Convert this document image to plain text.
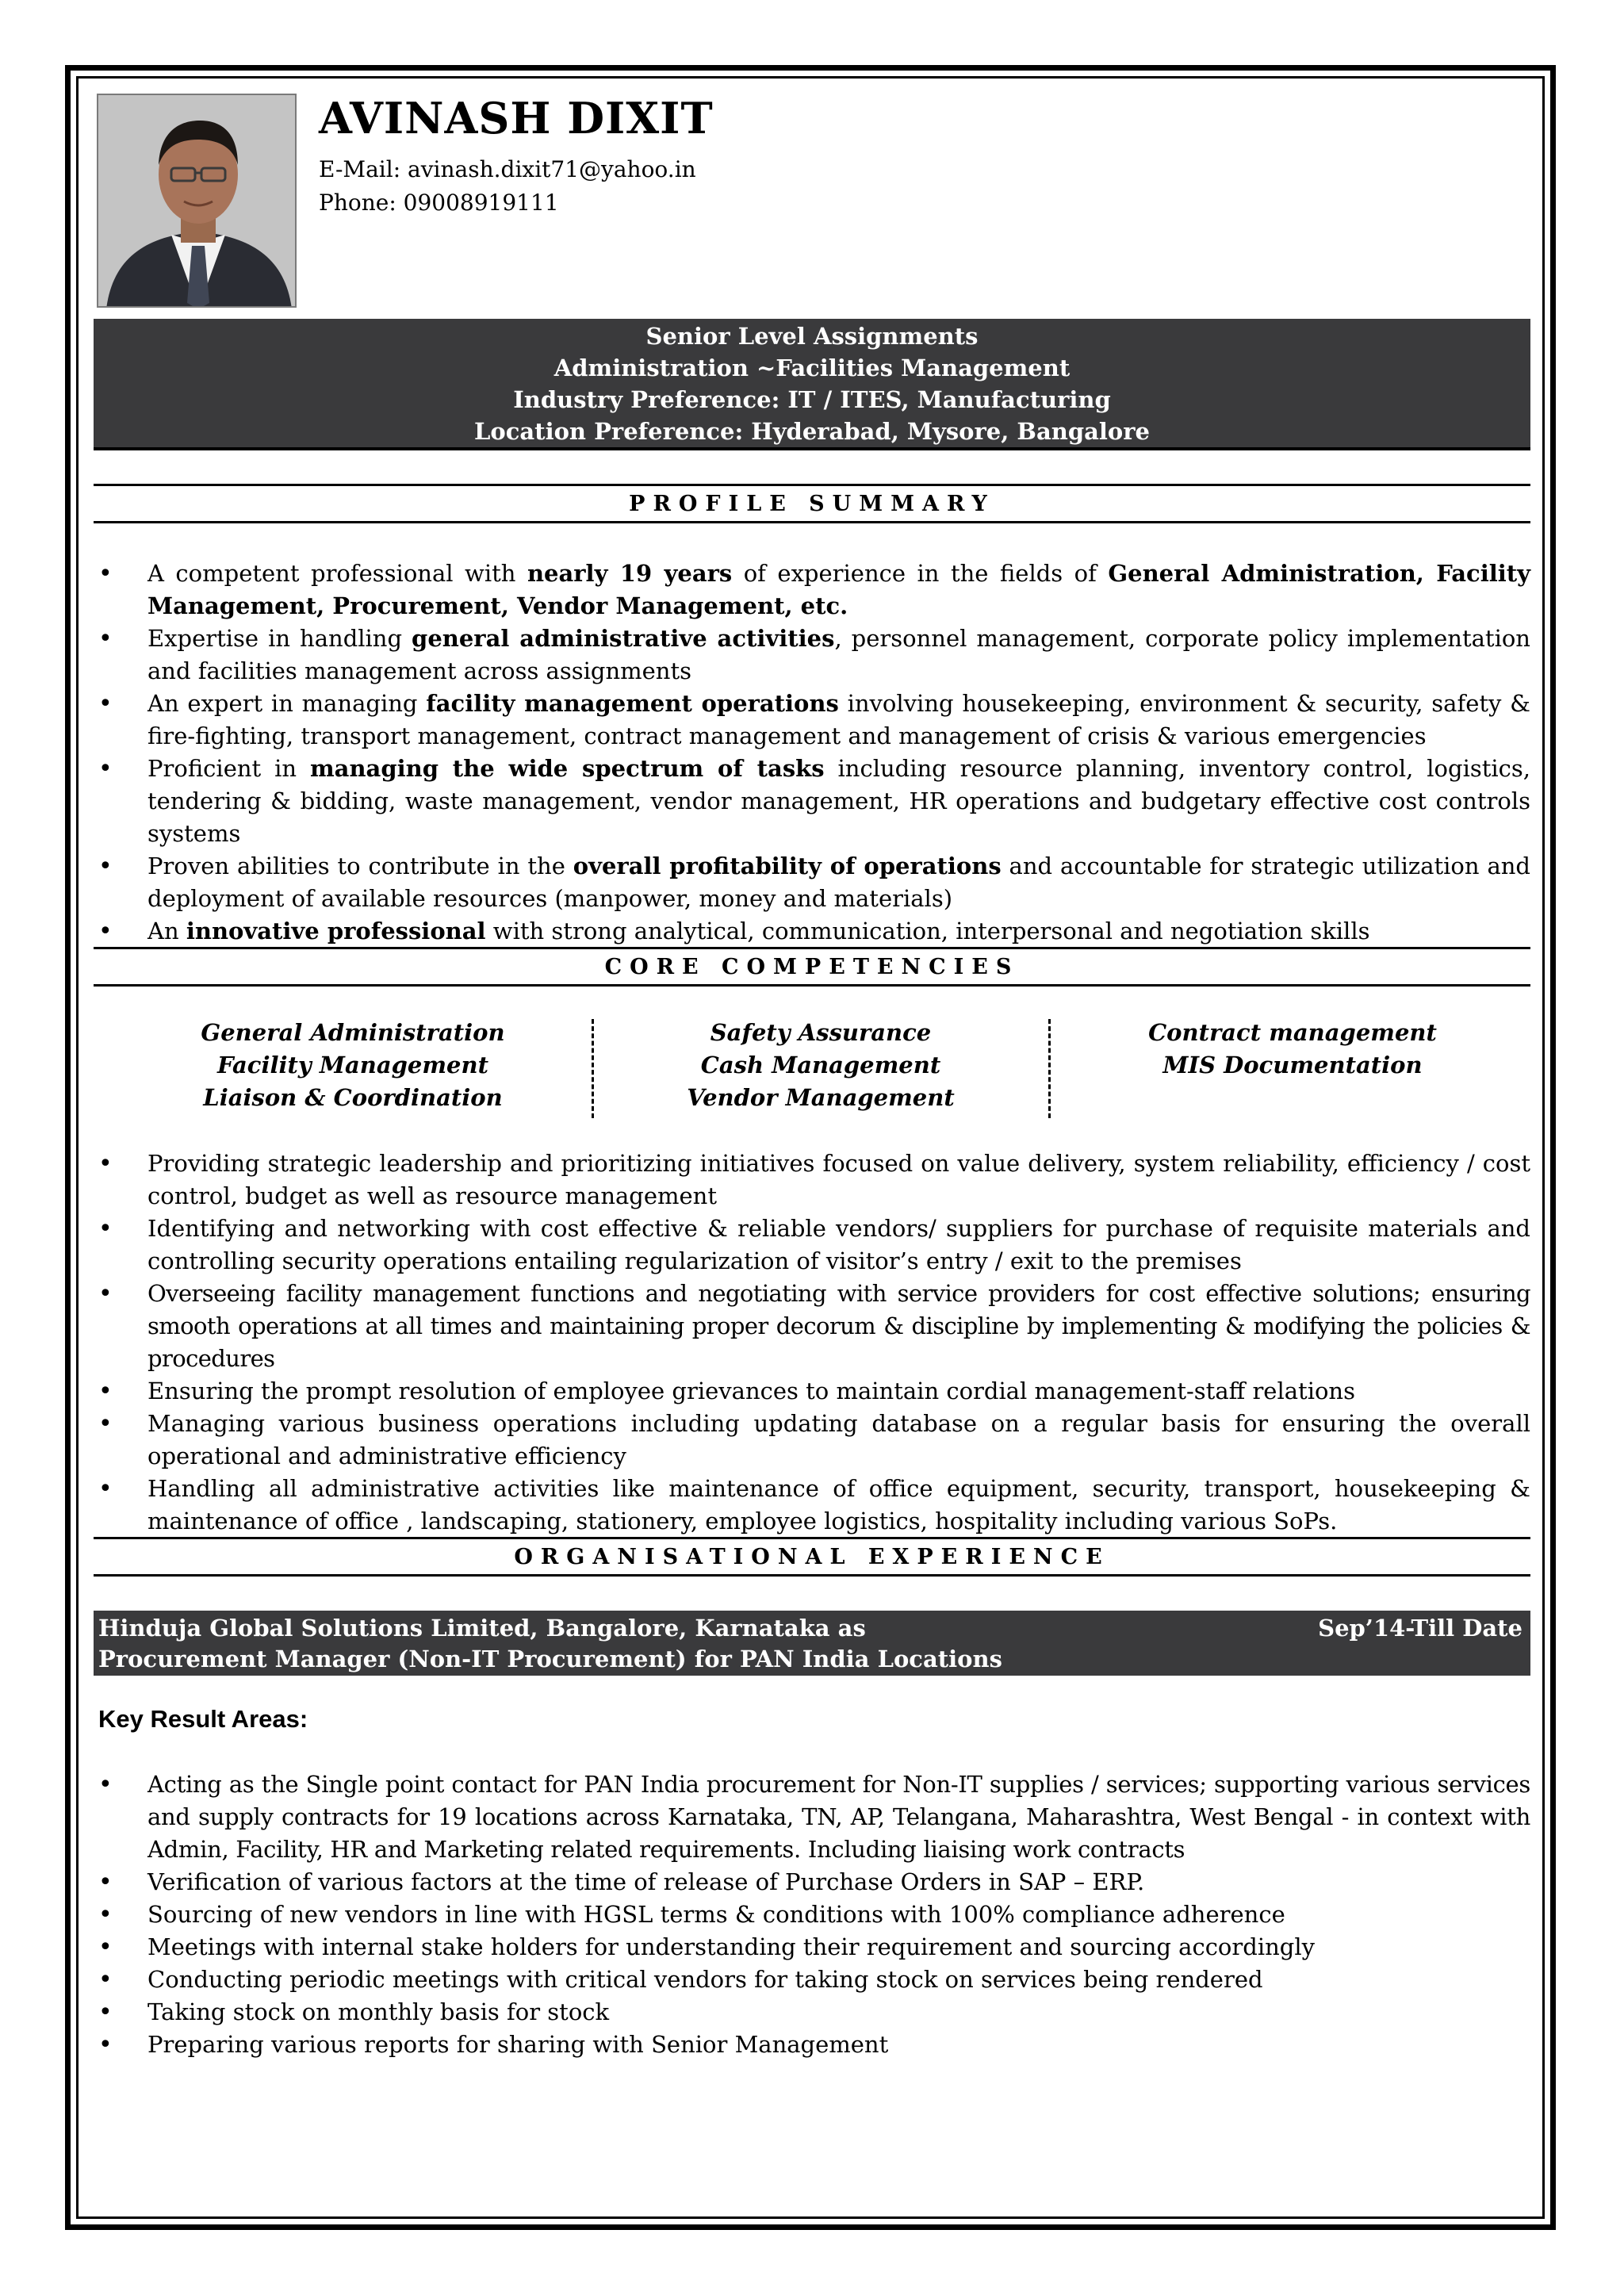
AVINASH DIXIT
E-Mail: avinash.dixit71@yahoo.in
Phone: 09008919111
Senior Level Assignments
Administration ~Facilities Management
Industry Preference: IT / ITES, Manufacturing
Location Preference: Hyderabad, Mysore, Bangalore
PROFILE SUMMARY
• A competent professional with nearly 19 years of experience in the fields of General Administration, Facility Management, Procurement, Vendor Management, etc.
• Expertise in handling general administrative activities, personnel management, corporate policy implementation and facilities management across assignments
• An expert in managing facility management operations involving housekeeping, environment & security, safety & fire-fighting, transport management, contract management and management of crisis & various emergencies
• Proficient in managing the wide spectrum of tasks including resource planning, inventory control, logistics, tendering & bidding, waste management, vendor management, HR operations and budgetary effective cost controls systems
• Proven abilities to contribute in the overall profitability of operations and accountable for strategic utilization and deployment of available resources (manpower, money and materials)
• An innovative professional with strong analytical, communication, interpersonal and negotiation skills
CORE COMPETENCIES
General Administration
Facility Management
Liaison & Coordination
Safety Assurance
Cash Management
Vendor Management
Contract management
MIS Documentation
• Providing strategic leadership and prioritizing initiatives focused on value delivery, system reliability, efficiency / cost control, budget as well as resource management
• Identifying and networking with cost effective & reliable vendors/ suppliers for purchase of requisite materials and controlling security operations entailing regularization of visitor’s entry / exit to the premises
• Overseeing facility management functions and negotiating with service providers for cost effective solutions; ensuring smooth operations at all times and maintaining proper decorum & discipline by implementing & modifying the policies & procedures
• Ensuring the prompt resolution of employee grievances to maintain cordial management-staff relations
• Managing various business operations including updating database on a regular basis for ensuring the overall operational and administrative efficiency
• Handling all administrative activities like maintenance of office equipment, security, transport, housekeeping & maintenance of office , landscaping, stationery, employee logistics, hospitality including various SoPs.
ORGANISATIONAL EXPERIENCE
Hinduja Global Solutions Limited, Bangalore, Karnataka as
Procurement Manager (Non-IT Procurement) for PAN India Locations
Sep’14-Till Date
Key Result Areas:
• Acting as the Single point contact for PAN India procurement for Non-IT supplies / services; supporting various services and supply contracts for 19 locations across Karnataka, TN, AP, Telangana, Maharashtra, West Bengal - in context with Admin, Facility, HR and Marketing related requirements. Including liaising work contracts
• Verification of various factors at the time of release of Purchase Orders in SAP – ERP.
• Sourcing of new vendors in line with HGSL terms & conditions with 100% compliance adherence
• Meetings with internal stake holders for understanding their requirement and sourcing accordingly
• Conducting periodic meetings with critical vendors for taking stock on services being rendered
• Taking stock on monthly basis for stock
• Preparing various reports for sharing with Senior Management
